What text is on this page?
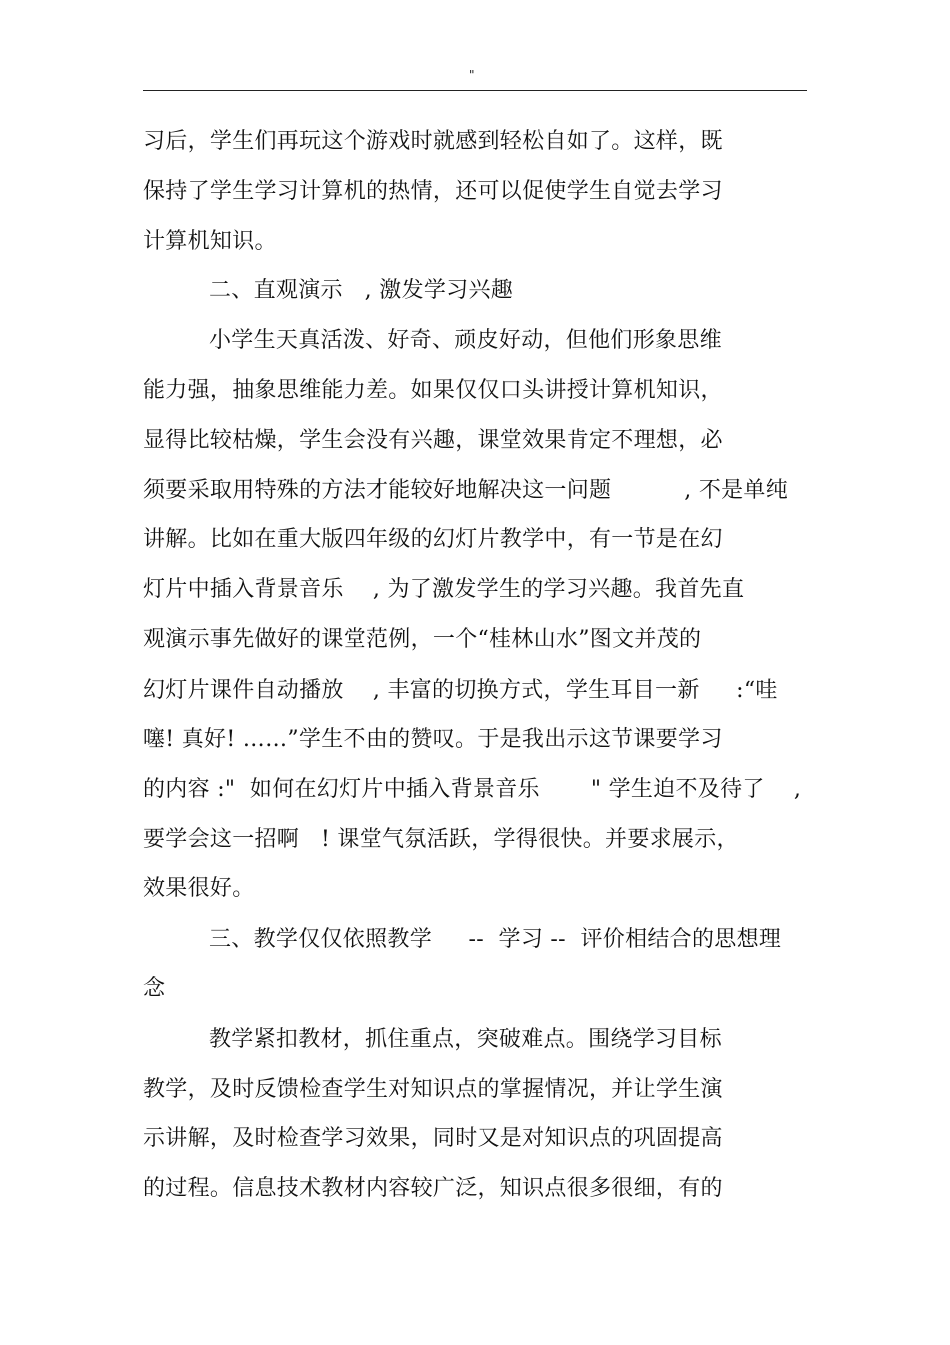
"
习后，学生们再玩这个游戏时就感到轻松自如了。这样，既
保持了学生学习计算机的热情，还可以促使学生自觉去学习
计算机知识。
二、直观演示   , 激发学习兴趣
小学生天真活泼、好奇、顽皮好动，但他们形象思维
能力强，抽象思维能力差。如果仅仅口头讲授计算机知识，
显得比较枯燥，学生会没有兴趣，课堂效果肯定不理想，必
须要采取用特殊的方法才能较好地解决这一问题          , 不是单纯
讲解。比如在重大版四年级的幻灯片教学中，有一节是在幻
灯片中插入背景音乐    , 为了激发学生的学习兴趣。我首先直
观演示事先做好的课堂范例，一个“桂林山水”图文并茂的
幻灯片课件自动播放    , 丰富的切换方式，学生耳目一新     :“哇
噻! 真好! ……”学生不由的赞叹。于是我出示这节课要学习
的内容 :"  如何在幻灯片中插入背景音乐       " 学生迫不及待了    ,
要学会这一招啊   ! 课堂气氛活跃，学得很快。并要求展示，
效果很好。
三、教学仅仅依照教学     --  学习 --  评价相结合的思想理
念
教学紧扣教材，抓住重点，突破难点。围绕学习目标
教学，及时反馈检查学生对知识点的掌握情况，并让学生演
示讲解，及时检查学习效果，同时又是对知识点的巩固提高
的过程。信息技术教材内容较广泛，知识点很多很细，有的
